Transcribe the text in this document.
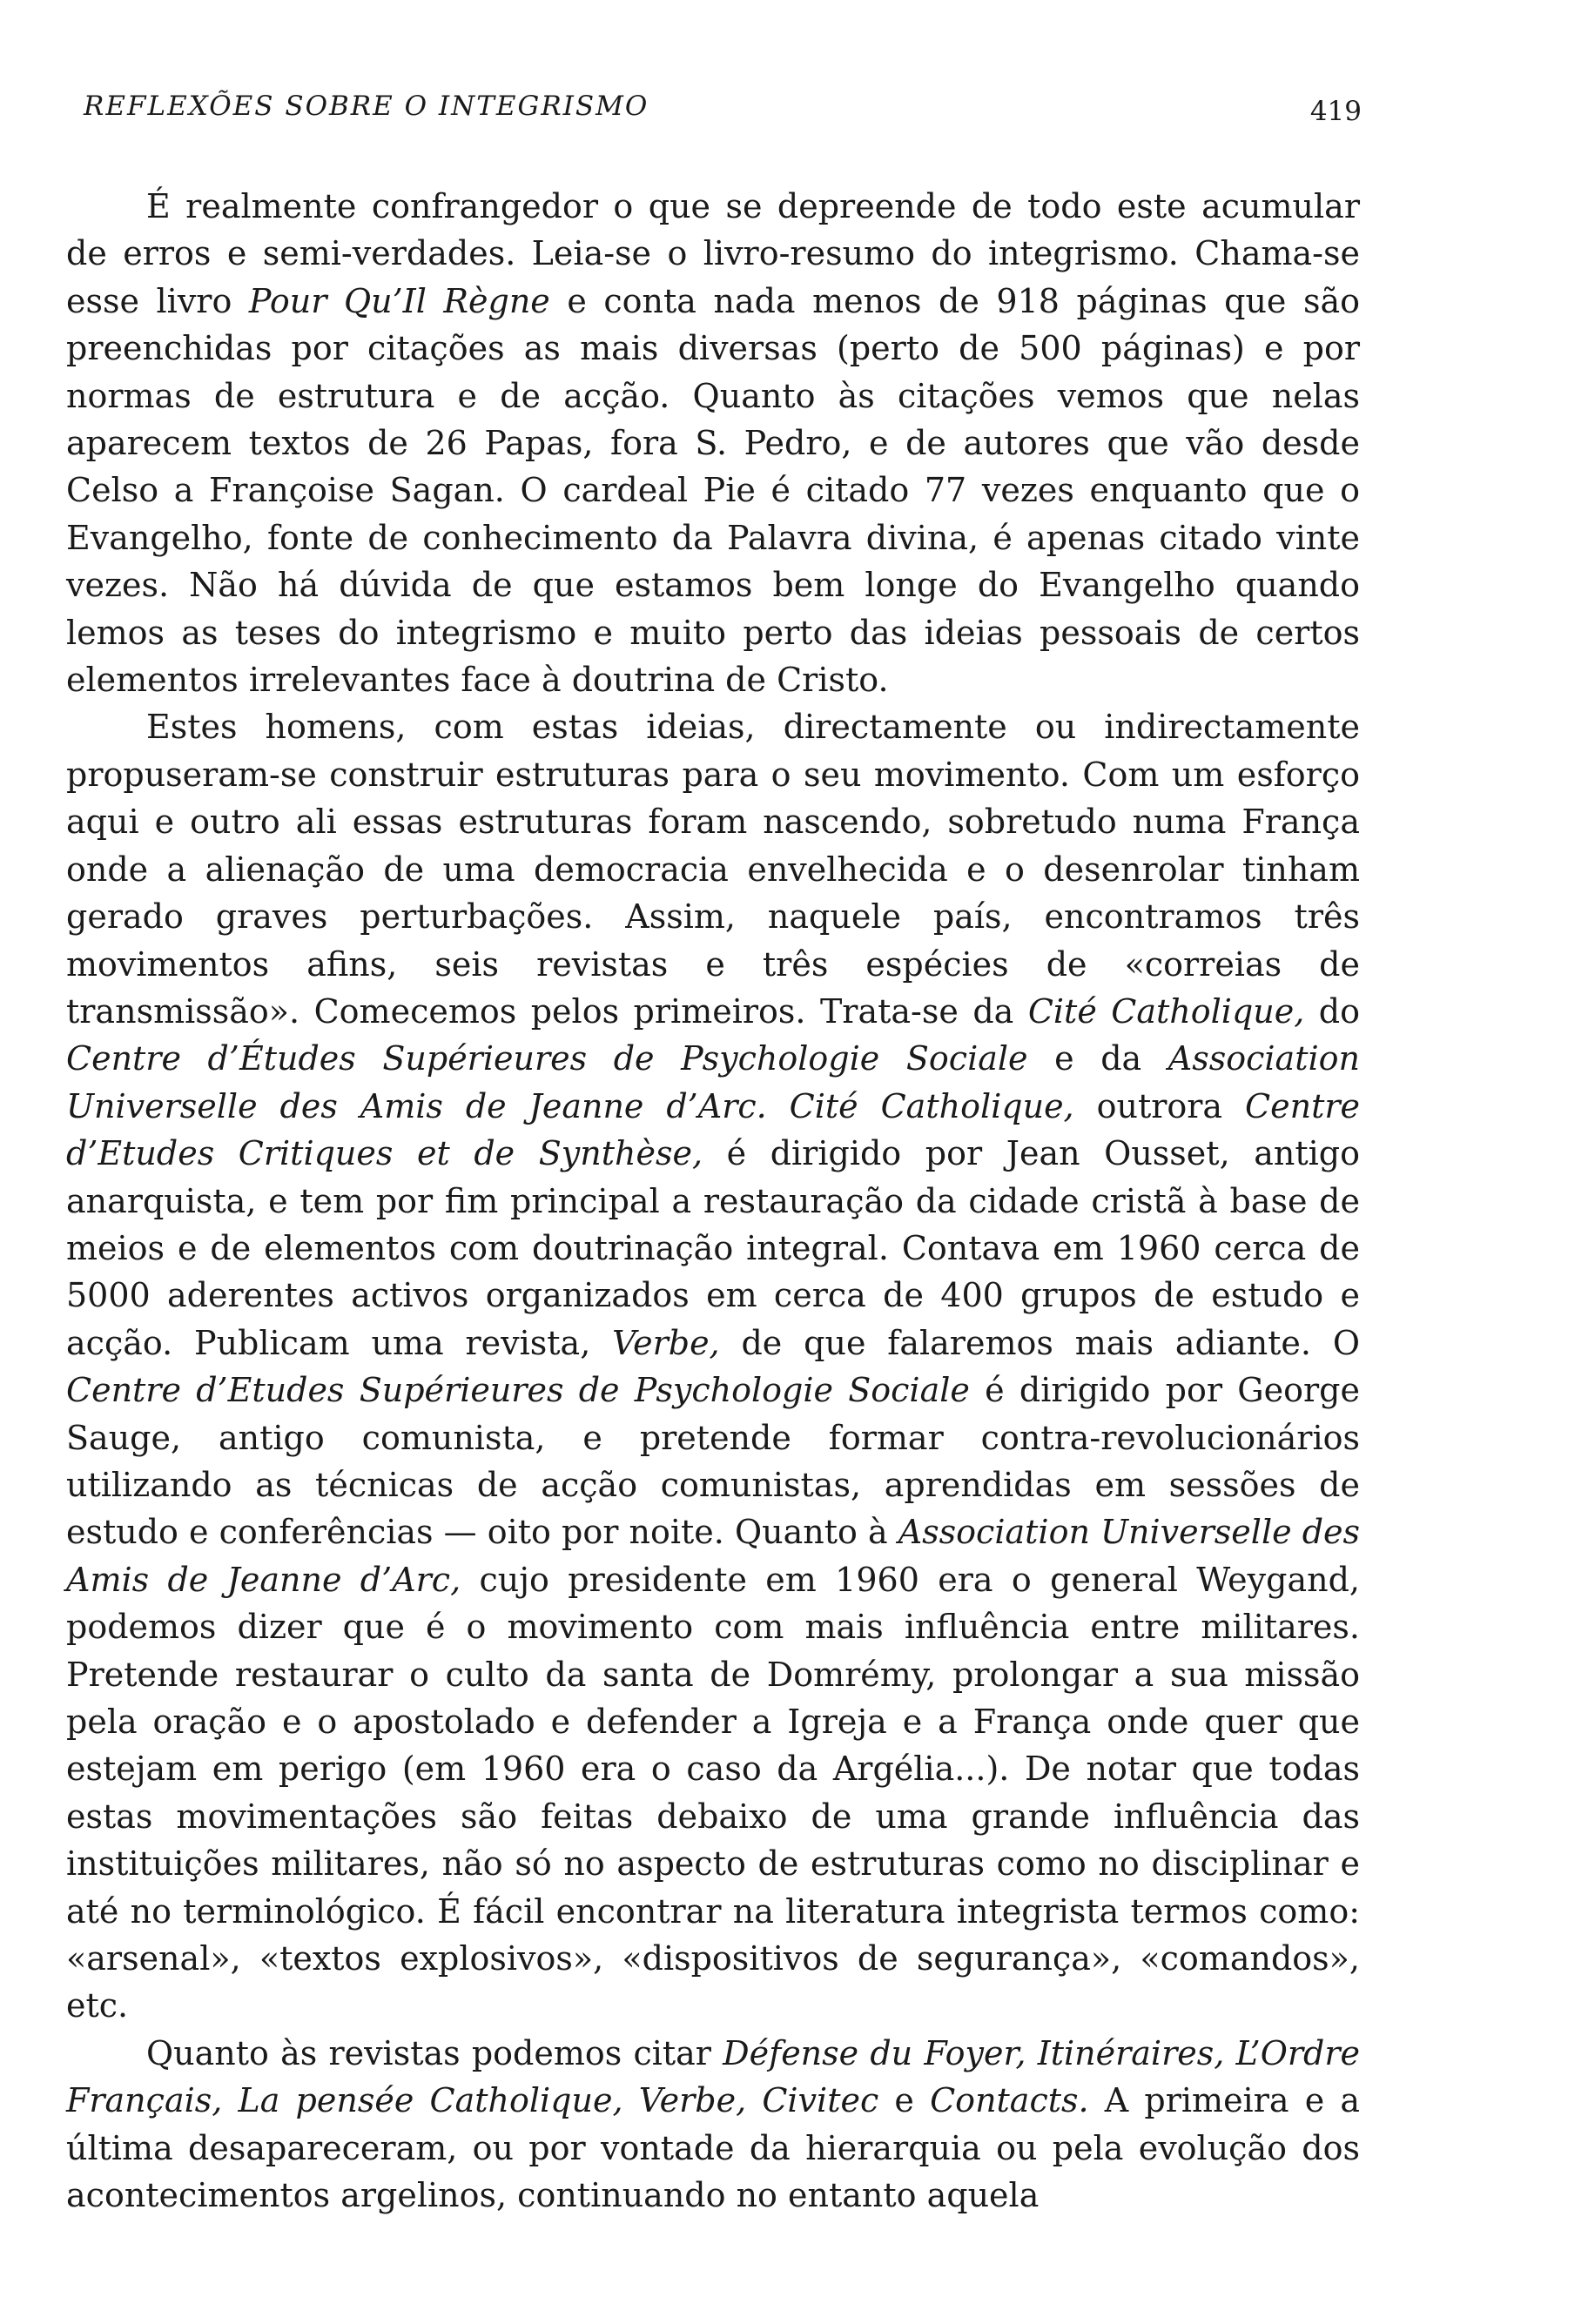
REFLEXÕES SOBRE O INTEGRISMO	419

É realmente confrangedor o que se depreende de todo este acumular de erros e semi-verdades. Leia-se o livro-resumo do integrismo. Chama-se esse livro Pour Qu’Il Règne e conta nada menos de 918 páginas que são preenchidas por citações as mais diversas (perto de 500 páginas) e por normas de estrutura e de acção. Quanto às citações vemos que nelas aparecem textos de 26 Papas, fora S. Pedro, e de autores que vão desde Celso a Françoise Sagan. O cardeal Pie é citado 77 vezes enquanto que o Evangelho, fonte de conhecimento da Palavra divina, é apenas citado vinte vezes. Não há dúvida de que estamos bem longe do Evangelho quando lemos as teses do integrismo e muito perto das ideias pessoais de certos elementos irrelevantes face à doutrina de Cristo.

Estes homens, com estas ideias, directamente ou indirectamente propuseram-se construir estruturas para o seu movimento. Com um esforço aqui e outro ali essas estruturas foram nascendo, sobretudo numa França onde a alienação de uma democracia envelhecida e o desenrolar tinham gerado graves perturbações. Assim, naquele país, encontramos três movimentos afins, seis revistas e três espécies de «correias de transmissão». Comecemos pelos primeiros. Trata-se da Cité Catholique, do Centre d’Études Supérieures de Psychologie Sociale e da Association Universelle des Amis de Jeanne d’Arc. Cité Catholique, outrora Centre d’Etudes Critiques et de Synthèse, é dirigido por Jean Ousset, antigo anarquista, e tem por fim principal a restauração da cidade cristã à base de meios e de elementos com doutrinação integral. Contava em 1960 cerca de 5000 aderentes activos organizados em cerca de 400 grupos de estudo e acção. Publicam uma revista, Verbe, de que falaremos mais adiante. O Centre d’Etudes Supérieures de Psychologie Sociale é dirigido por George Sauge, antigo comunista, e pretende formar contra-revolucionários utilizando as técnicas de acção comunistas, aprendidas em sessões de estudo e conferências — oito por noite. Quanto à Association Universelle des Amis de Jeanne d’Arc, cujo presidente em 1960 era o general Weygand, podemos dizer que é o movimento com mais influência entre militares. Pretende restaurar o culto da santa de Domrémy, prolongar a sua missão pela oração e o apostolado e defender a Igreja e a França onde quer que estejam em perigo (em 1960 era o caso da Argélia...). De notar que todas estas movimentações são feitas debaixo de uma grande influência das instituições militares, não só no aspecto de estruturas como no disciplinar e até no terminológico. É fácil encontrar na literatura integrista termos como: «arsenal», «textos explosivos», «dispositivos de segurança», «comandos», etc.

Quanto às revistas podemos citar Défense du Foyer, Itinéraires, L’Ordre Français, La pensée Catholique, Verbe, Civitec e Contacts. A primeira e a última desapareceram, ou por vontade da hierarquia ou pela evolução dos acontecimentos argelinos, continuando no entanto aquela
